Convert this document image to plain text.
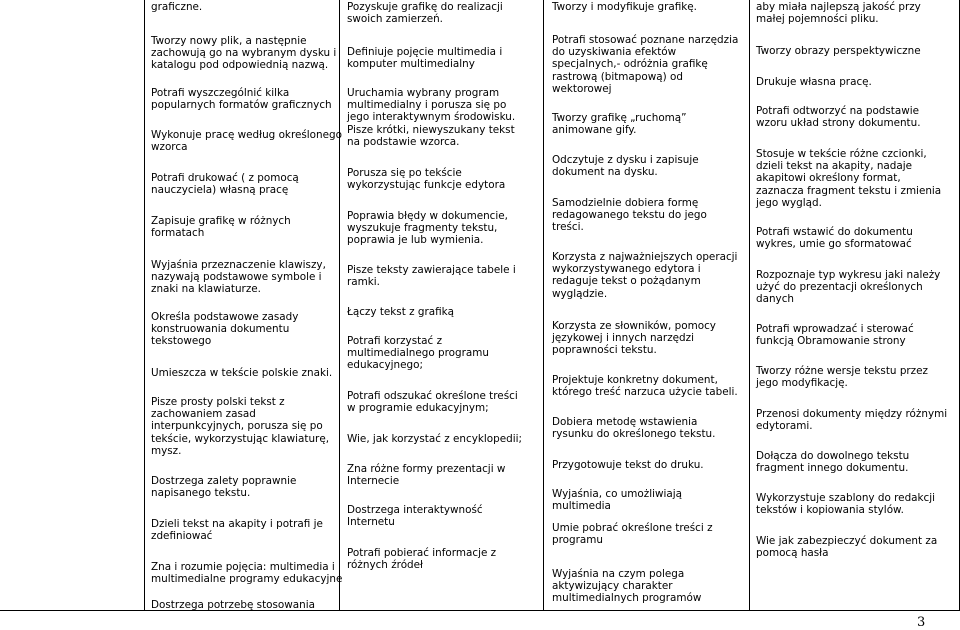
graficzne.
Tworzy nowy plik, a następnie
zachowują go na wybranym dysku i
katalogu pod odpowiednią nazwą.
Potrafi wyszczególnić kilka
popularnych formatów graficznych
Wykonuje pracę według określonego
wzorca
Potrafi drukować ( z pomocą
nauczyciela) własną pracę
Zapisuje grafikę w różnych
formatach
Wyjaśnia przeznaczenie klawiszy,
nazywają podstawowe symbole i
znaki na klawiaturze.
Określa podstawowe zasady
konstruowania dokumentu
tekstowego
Umieszcza w tekście polskie znaki.
Pisze prosty polski tekst z
zachowaniem zasad
interpunkcyjnych, porusza się po
tekście, wykorzystując klawiaturę,
mysz.
Dostrzega zalety poprawnie
napisanego tekstu.
Dzieli tekst na akapity i potrafi je
zdefiniować
Zna i rozumie pojęcia: multimedia i
multimedialne programy edukacyjne
Dostrzega potrzebę stosowania
Pozyskuje grafikę do realizacji
swoich zamierzeń.
Definiuje pojęcie multimedia i
komputer multimedialny
Uruchamia wybrany program
multimedialny i porusza się po
jego interaktywnym środowisku.
Pisze krótki, niewyszukany tekst
na podstawie wzorca.
Porusza się po tekście
wykorzystując funkcje edytora
Poprawia błędy w dokumencie,
wyszukuje fragmenty tekstu,
poprawia je lub wymienia.
Pisze teksty zawierające tabele i
ramki.
Łączy tekst z grafiką
Potrafi korzystać z
multimedialnego programu
edukacyjnego;
Potrafi odszukać określone treści
w programie edukacyjnym;
Wie, jak korzystać z encyklopedii;
Zna różne formy prezentacji w
Internecie
Dostrzega interaktywność
Internetu
Potrafi pobierać informacje z
różnych źródeł
Tworzy i modyfikuje grafikę.
Potrafi stosować poznane narzędzia
do uzyskiwania efektów
specjalnych,- odróżnia grafikę
rastrową (bitmapową) od
wektorowej
Tworzy grafikę „ruchomą”
animowane gify.
Odczytuje z dysku i zapisuje
dokument na dysku.
Samodzielnie dobiera formę
redagowanego tekstu do jego
treści.
Korzysta z najważniejszych operacji
wykorzystywanego edytora i
redaguje tekst o pożądanym
wyglądzie.
Korzysta ze słowników, pomocy
językowej i innych narzędzi
poprawności tekstu.
Projektuje konkretny dokument,
którego treść narzuca użycie tabeli.
Dobiera metodę wstawienia
rysunku do określonego tekstu.
Przygotowuje tekst do druku.
Wyjaśnia, co umożliwiają
multimedia
Umie pobrać określone treści z
programu
Wyjaśnia na czym polega
aktywizujący charakter
multimedialnych programów
aby miała najlepszą jakość przy
małej pojemności pliku.
Tworzy obrazy perspektywiczne
Drukuje własna pracę.
Potrafi odtworzyć na podstawie
wzoru układ strony dokumentu.
Stosuje w tekście różne czcionki,
dzieli tekst na akapity, nadaje
akapitowi określony format,
zaznacza fragment tekstu i zmienia
jego wygląd.
Potrafi wstawić do dokumentu
wykres, umie go sformatować
Rozpoznaje typ wykresu jaki należy
użyć do prezentacji określonych
danych
Potrafi wprowadzać i sterować
funkcją Obramowanie strony
Tworzy różne wersje tekstu przez
jego modyfikację.
Przenosi dokumenty między różnymi
edytorami.
Dołącza do dowolnego tekstu
fragment innego dokumentu.
Wykorzystuje szablony do redakcji
tekstów i kopiowania stylów.
Wie jak zabezpieczyć dokument za
pomocą hasła
3
